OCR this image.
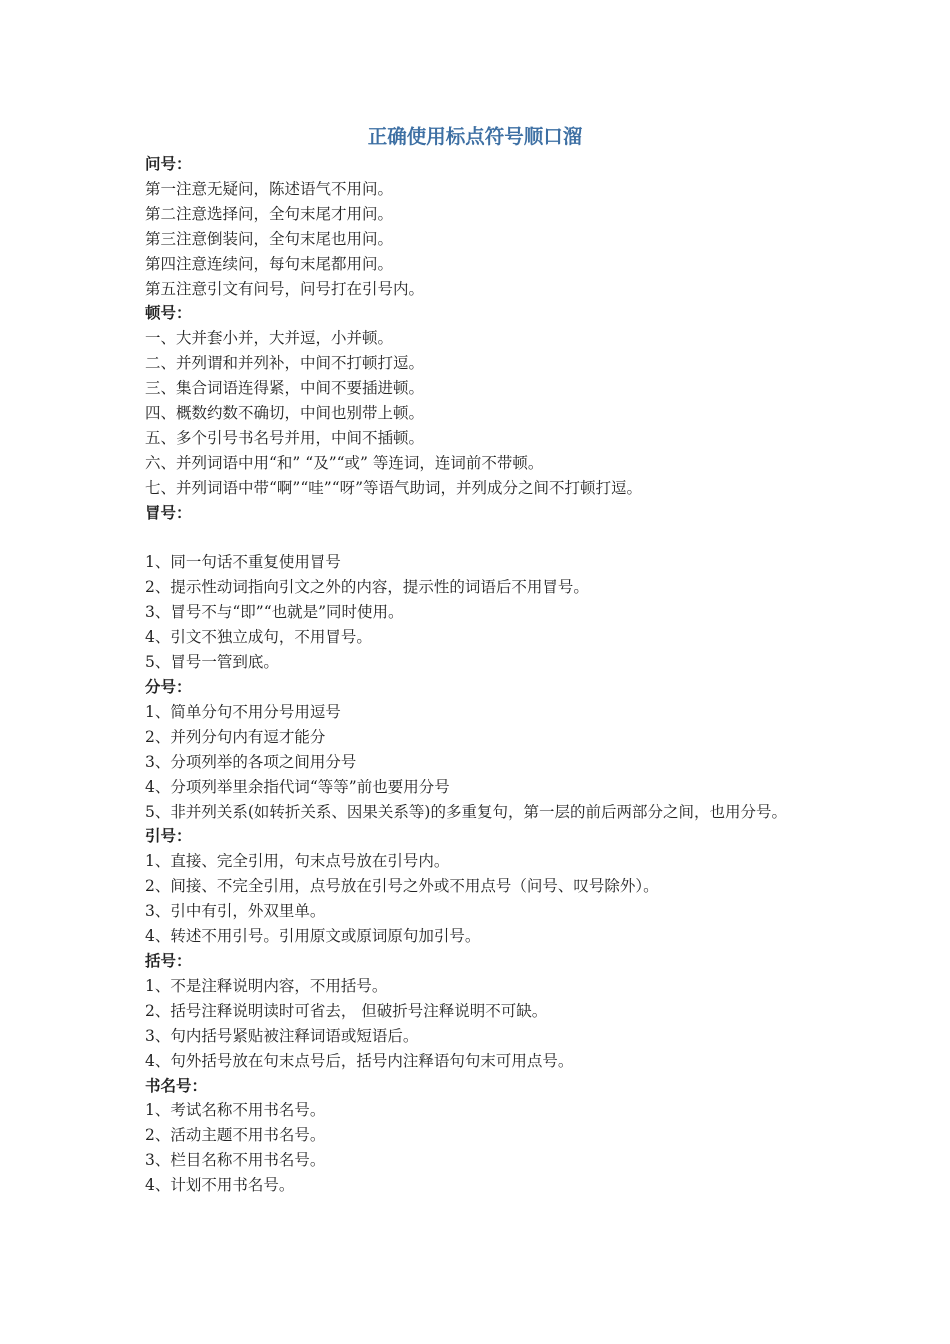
正确使用标点符号顺口溜
问号：
第一注意无疑问，陈述语气不用问。
第二注意选择问，全句末尾才用问。
第三注意倒装问，全句末尾也用问。
第四注意连续问，每句末尾都用问。
第五注意引文有问号，问号打在引号内。
顿号：
一、大并套小并，大并逗，小并顿。
二、并列谓和并列补，中间不打顿打逗。
三、集合词语连得紧，中间不要插进顿。
四、概数约数不确切，中间也别带上顿。
五、多个引号书名号并用，中间不插顿。
六、并列词语中用“和” “及”“或” 等连词，连词前不带顿。
七、并列词语中带“啊”“哇”“呀”等语气助词，并列成分之间不打顿打逗。
冒号：
1、同一句话不重复使用冒号
2、提示性动词指向引文之外的内容，提示性的词语后不用冒号。
3、冒号不与“即”“也就是”同时使用。
4、引文不独立成句，不用冒号。
5、冒号一管到底。
分号：
1、简单分句不用分号用逗号
2、并列分句内有逗才能分
3、分项列举的各项之间用分号
4、分项列举里余指代词“等等”前也要用分号
5、非并列关系(如转折关系、因果关系等)的多重复句，第一层的前后两部分之间，也用分号。
引号：
1、直接、完全引用，句末点号放在引号内。
2、间接、不完全引用，点号放在引号之外或不用点号（问号、叹号除外）。
3、引中有引，外双里单。
4、转述不用引号。引用原文或原词原句加引号。
括号：
1、不是注释说明内容，不用括号。
2、括号注释说明读时可省去， 但破折号注释说明不可缺。
3、句内括号紧贴被注释词语或短语后。
4、句外括号放在句末点号后，括号内注释语句句末可用点号。
书名号：
1、考试名称不用书名号。
2、活动主题不用书名号。
3、栏目名称不用书名号。
4、计划不用书名号。
